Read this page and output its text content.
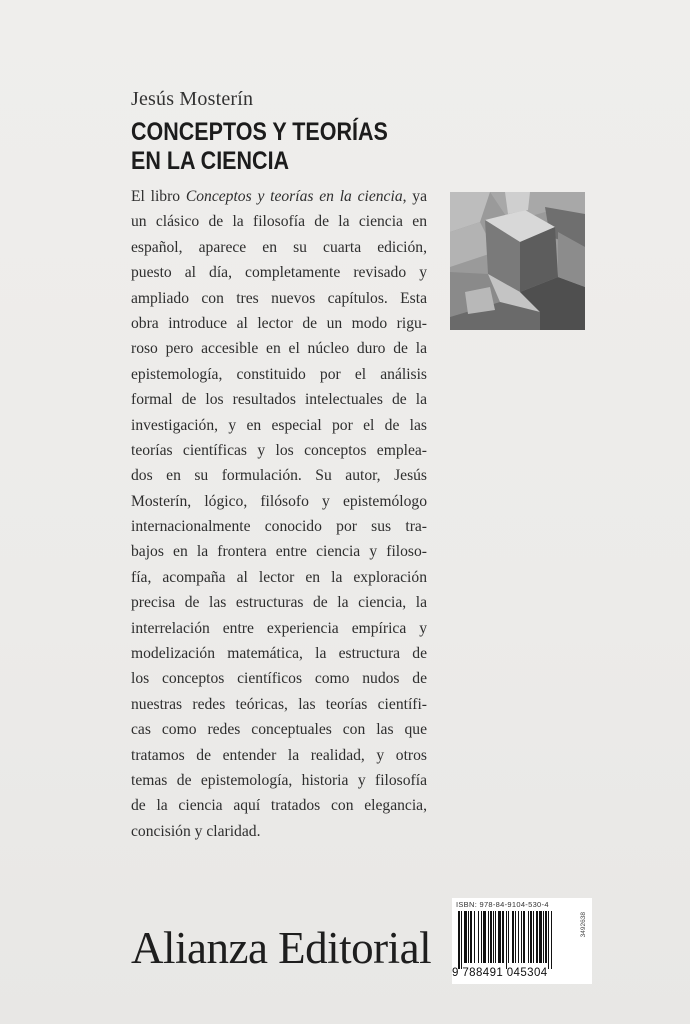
Jesús Mosterín
CONCEPTOS Y TEORÍAS
EN LA CIENCIA
El libro Conceptos y teorías en la ciencia, ya
un clásico de la filosofía de la ciencia en
español, aparece en su cuarta edición,
puesto al día, completamente revisado y
ampliado con tres nuevos capítulos. Esta
obra introduce al lector de un modo rigu-
roso pero accesible en el núcleo duro de la
epistemología, constituido por el análisis
formal de los resultados intelectuales de la
investigación, y en especial por el de las
teorías científicas y los conceptos emplea-
dos en su formulación. Su autor, Jesús
Mosterín, lógico, filósofo y epistemólogo
internacionalmente conocido por sus tra-
bajos en la frontera entre ciencia y filoso-
fía, acompaña al lector en la exploración
precisa de las estructuras de la ciencia, la
interrelación entre experiencia empírica y
modelización matemática, la estructura de
los conceptos científicos como nudos de
nuestras redes teóricas, las teorías científi-
cas como redes conceptuales con las que
tratamos de entender la realidad, y otros
temas de epistemología, historia y filosofía
de la ciencia aquí tratados con elegancia,
concisión y claridad.
Alianza Editorial
ISBN: 978-84-9104-530-4
9 788491 045304
3492638
